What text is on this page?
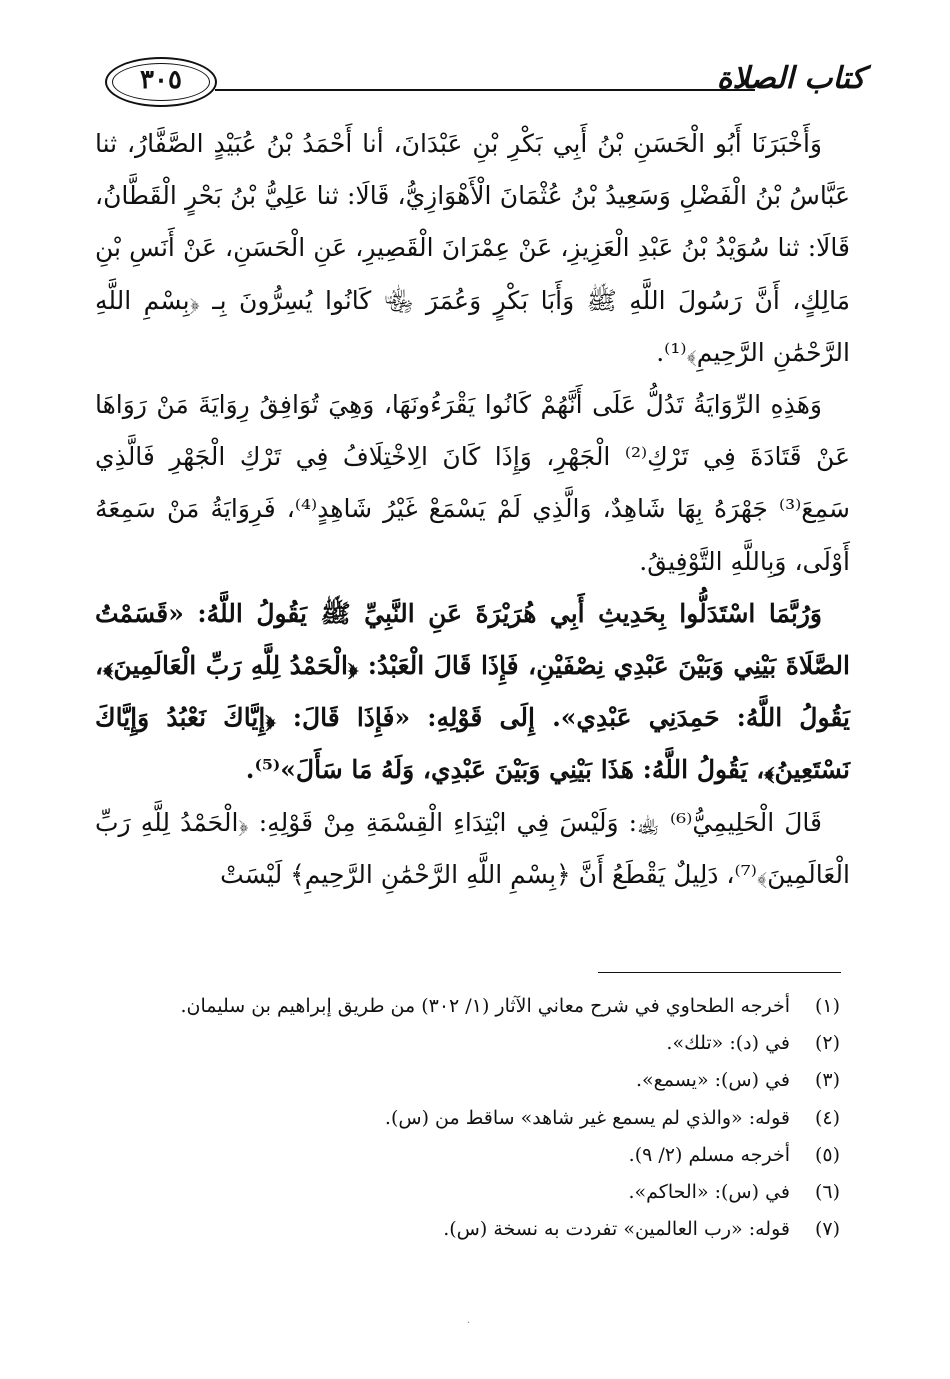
٣٠٥	كتاب الصلاة

وَأَخْبَرَنَا أَبُو الْحَسَنِ بْنُ أَبِي بَكْرِ بْنِ عَبْدَانَ، أنا أَحْمَدُ بْنُ عُبَيْدٍ الصَّفَّارُ، ثنا عَبَّاسُ بْنُ الْفَضْلِ وَسَعِيدُ بْنُ عُثْمَانَ الْأَهْوَازِيُّ، قَالَا: ثنا عَلِيُّ بْنُ بَحْرٍ الْقَطَّانُ، قَالَا: ثنا سُوَيْدُ بْنُ عَبْدِ الْعَزِيزِ، عَنْ عِمْرَانَ الْقَصِيرِ، عَنِ الْحَسَنِ، عَنْ أَنَسِ بْنِ مَالِكٍ، أَنَّ رَسُولَ اللَّهِ ﷺ وَأَبَا بَكْرٍ وَعُمَرَ ﵄ كَانُوا يُسِرُّونَ بِـ ﴿بِسْمِ اللَّهِ الرَّحْمَٰنِ الرَّحِيمِ﴾⁽¹⁾.

وَهَذِهِ الرِّوَايَةُ تَدُلُّ عَلَى أَنَّهُمْ كَانُوا يَقْرَءُونَهَا، وَهِيَ تُوَافِقُ رِوَايَةَ مَنْ رَوَاهَا عَنْ قَتَادَةَ فِي تَرْكِ⁽²⁾ الْجَهْرِ، وَإِذَا كَانَ الِاخْتِلَافُ فِي تَرْكِ الْجَهْرِ فَالَّذِي سَمِعَ⁽³⁾ جَهْرَهُ بِهَا شَاهِدٌ، وَالَّذِي لَمْ يَسْمَعْ غَيْرُ شَاهِدٍ⁽⁴⁾، فَرِوَايَةُ مَنْ سَمِعَهُ أَوْلَى، وَبِاللَّهِ التَّوْفِيقُ.

وَرُبَّمَا اسْتَدَلُّوا بِحَدِيثِ أَبِي هُرَيْرَةَ عَنِ النَّبِيِّ ﷺ يَقُولُ اللَّهُ: «قَسَمْتُ الصَّلَاةَ بَيْنِي وَبَيْنَ عَبْدِي نِصْفَيْنِ، فَإِذَا قَالَ الْعَبْدُ: ﴿الْحَمْدُ لِلَّهِ رَبِّ الْعَالَمِينَ﴾، يَقُولُ اللَّهُ: حَمِدَنِي عَبْدِي». إِلَى قَوْلِهِ: «فَإِذَا قَالَ: ﴿إِيَّاكَ نَعْبُدُ وَإِيَّاكَ نَسْتَعِينُ﴾، يَقُولُ اللَّهُ: هَذَا بَيْنِي وَبَيْنَ عَبْدِي، وَلَهُ مَا سَأَلَ»⁽⁵⁾.

قَالَ الْحَلِيمِيُّ⁽⁶⁾ ﵀: وَلَيْسَ فِي ابْتِدَاءِ الْقِسْمَةِ مِنْ قَوْلِهِ: ﴿الْحَمْدُ لِلَّهِ رَبِّ الْعَالَمِينَ﴾⁽⁷⁾، دَلِيلٌ يَقْطَعُ أَنَّ ﴿بِسْمِ اللَّهِ الرَّحْمَٰنِ الرَّحِيمِ﴾ لَيْسَتْ

(١)
أخرجه الطحاوي في شرح معاني الآثار (١/ ٣٠٢) من طريق إبراهيم بن سليمان.
(٢)
في (د): «تلك».
(٣)
في (س): «يسمع».
(٤)
قوله: «والذي لم يسمع غير شاهد» ساقط من (س).
(٥)
أخرجه مسلم (٢/ ٩).
(٦)
في (س): «الحاكم».
(٧)
قوله: «رب العالمين» تفردت به نسخة (س).
·
